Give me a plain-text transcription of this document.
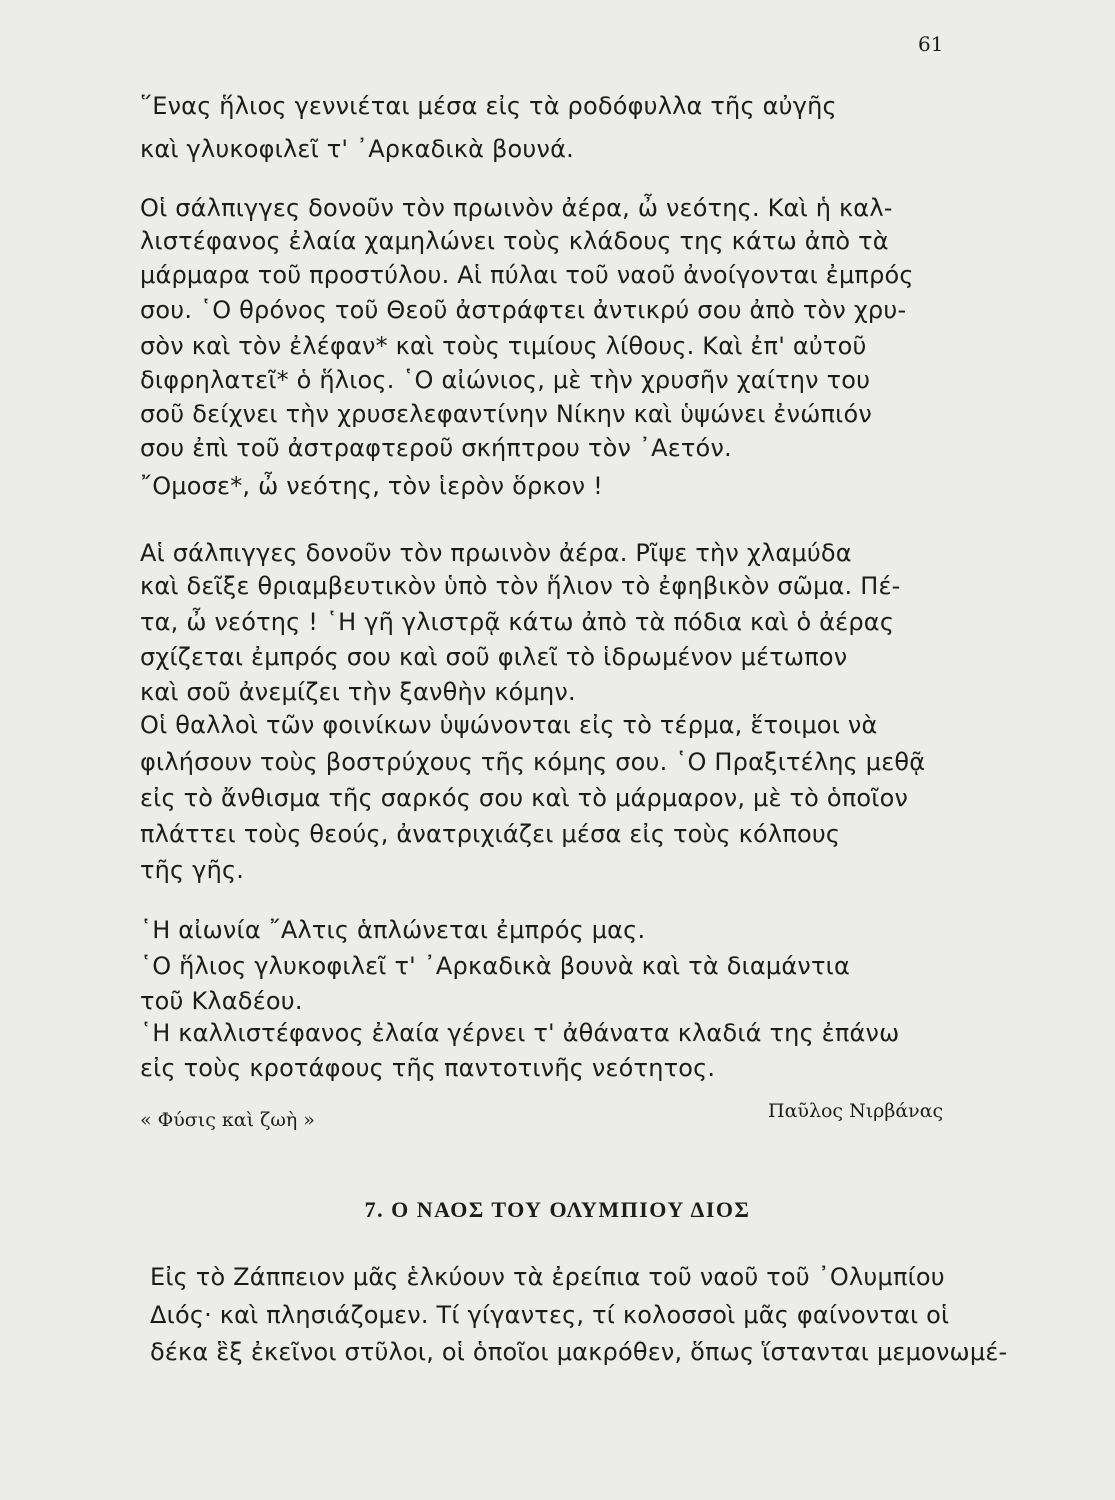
61
῞Ενας ἥλιος γεννιέται μέσα εἰς τὰ ροδόφυλλα τῆς αὐγῆς
καὶ γλυκοφιλεῖ τ' ᾿Αρκαδικὰ βουνά.
Οἱ σάλπιγγες δονοῦν τὸν πρωινὸν ἀέρα, ὦ νεότης. Καὶ ἡ καλ-
λιστέφανος ἐλαία χαμηλώνει τοὺς κλάδους της κάτω ἀπὸ τὰ
μάρμαρα τοῦ προστύλου. Αἱ πύλαι τοῦ ναοῦ ἀνοίγονται ἐμπρός
σου. ῾Ο θρόνος τοῦ Θεοῦ ἀστράφτει ἀντικρύ σου ἀπὸ τὸν χρυ-
σὸν καὶ τὸν ἐλέφαν* καὶ τοὺς τιμίους λίθους. Καὶ ἐπ' αὐτοῦ
διφρηλατεῖ* ὁ ἥλιος. ῾Ο αἰώνιος, μὲ τὴν χρυσῆν χαίτην του
σοῦ δείχνει τὴν χρυσελεφαντίνην Νίκην καὶ ὑψώνει ἐνώπιόν
σου ἐπὶ τοῦ ἀστραφτεροῦ σκήπτρου τὸν ᾿Αετόν.
῎Ομοσε*, ὦ νεότης, τὸν ἱερὸν ὅρκον !
Αἱ σάλπιγγες δονοῦν τὸν πρωινὸν ἀέρα. Ρῖψε τὴν χλαμύδα
καὶ δεῖξε θριαμβευτικὸν ὑπὸ τὸν ἥλιον τὸ ἐφηβικὸν σῶμα. Πέ-
τα, ὦ νεότης ! ῾Η γῆ γλιστρᾷ κάτω ἀπὸ τὰ πόδια καὶ ὁ ἀέρας
σχίζεται ἐμπρός σου καὶ σοῦ φιλεῖ τὸ ἱδρωμένον μέτωπον
καὶ σοῦ ἀνεμίζει τὴν ξανθὴν κόμην.
Οἱ θαλλοὶ τῶν φοινίκων ὑψώνονται εἰς τὸ τέρμα, ἕτοιμοι νὰ
φιλήσουν τοὺς βοστρύχους τῆς κόμης σου. ῾Ο Πραξιτέλης μεθᾷ
εἰς τὸ ἄνθισμα τῆς σαρκός σου καὶ τὸ μάρμαρον, μὲ τὸ ὁποῖον
πλάττει τοὺς θεούς, ἀνατριχιάζει μέσα εἰς τοὺς κόλπους
τῆς γῆς.
῾Η αἰωνία ῎Αλτις ἁπλώνεται ἐμπρός μας.
῾Ο ἥλιος γλυκοφιλεῖ τ' ᾿Αρκαδικὰ βουνὰ καὶ τὰ διαμάντια
τοῦ Κλαδέου.
῾Η καλλιστέφανος ἐλαία γέρνει τ' ἀθάνατα κλαδιά της ἐπάνω
εἰς τοὺς κροτάφους τῆς παντοτινῆς νεότητος.
« Φύσις καὶ ζωὴ »	Παῦλος Νιρβάνας
7. Ο ΝΑΟΣ ΤΟΥ ΟΛΥΜΠΙΟΥ ΔΙΟΣ
Εἰς τὸ Ζάππειον μᾶς ἑλκύουν τὰ ἐρείπια τοῦ ναοῦ τοῦ ᾿Ολυμπίου
Διός· καὶ πλησιάζομεν. Τί γίγαντες, τί κολοσσοὶ μᾶς φαίνονται οἱ
δέκα ἓξ ἐκεῖνοι στῦλοι, οἱ ὁποῖοι μακρόθεν, ὅπως ἵστανται μεμονωμέ-
